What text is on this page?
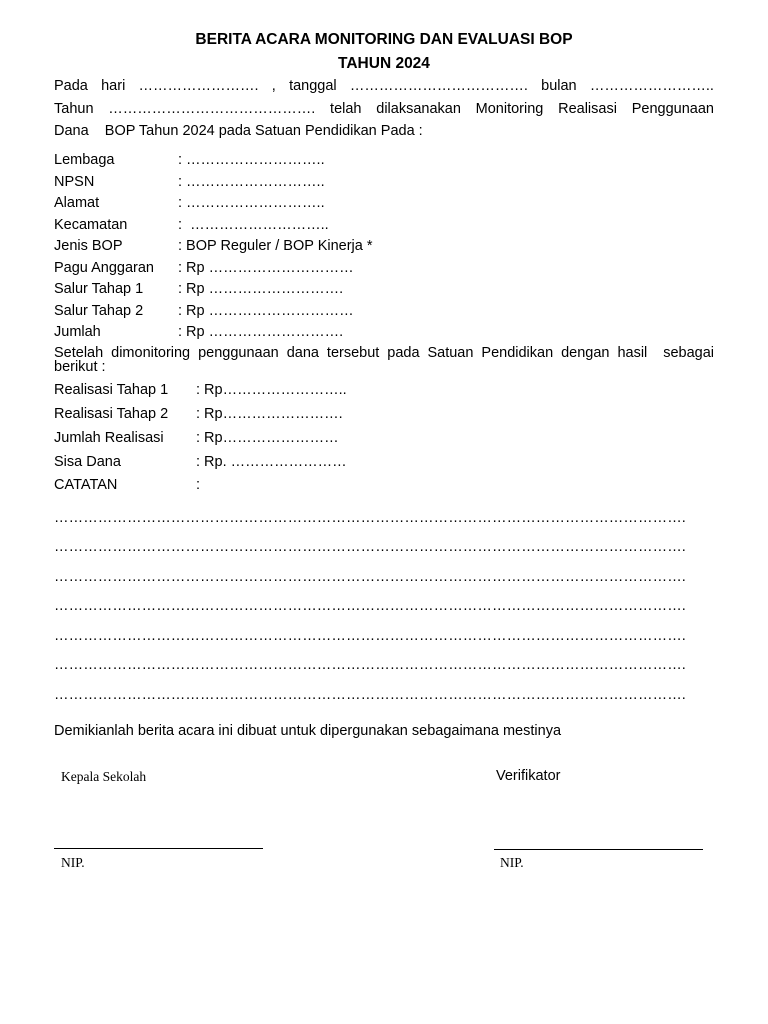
BERITA ACARA MONITORING DAN EVALUASI BOP
TAHUN 2024
Pada hari ……………………. , tanggal ………………………………. bulan ……………………..
Tahun ……………………………………. telah dilaksanakan Monitoring Realisasi Penggunaan
Dana    BOP Tahun 2024 pada Satuan Pendidikan Pada :
Lembaga	: ………………………..
NPSN	: ………………………..
Alamat	: ………………………..
Kecamatan	:  ………………………..
Jenis BOP	: BOP Reguler / BOP Kinerja *
Pagu Anggaran : Rp …………………………
Salur Tahap 1 : Rp ……………………….
Salur Tahap 2 : Rp …………………………
Jumlah	: Rp ……………………….
Setelah dimonitoring penggunaan dana tersebut pada Satuan Pendidikan dengan hasil  sebagai berikut :
Realisasi Tahap 1 : Rp……………………..
Realisasi Tahap 2 : Rp…………………….
Jumlah Realisasi : Rp……………………
Sisa Dana	: Rp. ……………………
CATATAN	:
………………………………………………………………………………………………………………….
………………………………………………………………………………………………………………….
………………………………………………………………………………………………………………….
………………………………………………………………………………………………………………….
………………………………………………………………………………………………………………….
………………………………………………………………………………………………………………….
………………………………………………………………………………………………………………….
Demikianlah berita acara ini dibuat untuk dipergunakan sebagaimana mestinya
Kepala Sekolah	Verifikator
NIP.	NIP.
